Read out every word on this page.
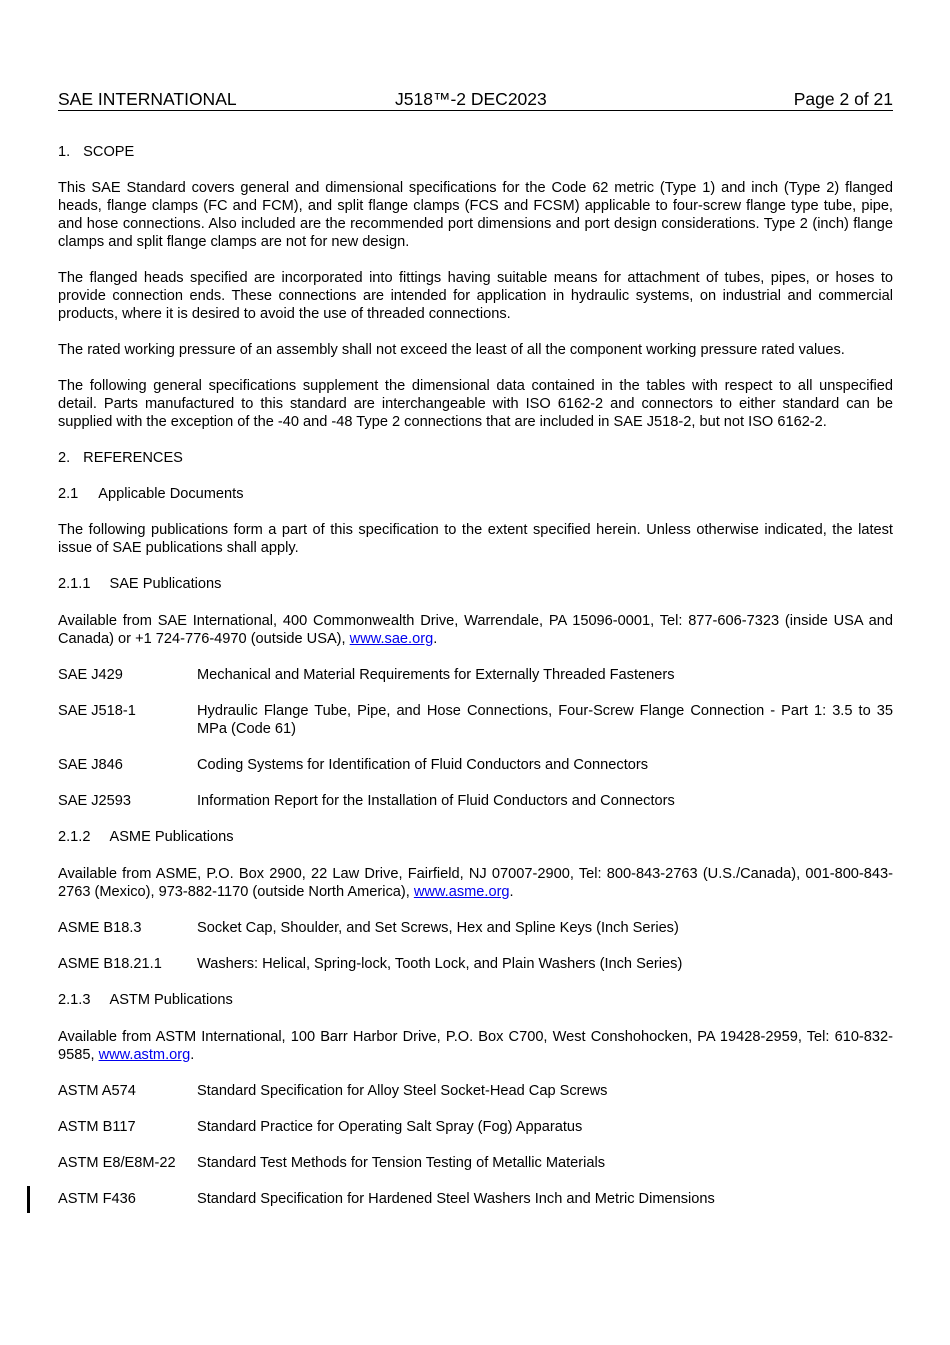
SAE INTERNATIONAL	J518™-2 DEC2023	Page 2 of 21
1. SCOPE
This SAE Standard covers general and dimensional specifications for the Code 62 metric (Type 1) and inch (Type 2) flanged heads, flange clamps (FC and FCM), and split flange clamps (FCS and FCSM) applicable to four-screw flange type tube, pipe, and hose connections. Also included are the recommended port dimensions and port design considerations. Type 2 (inch) flange clamps and split flange clamps are not for new design.
The flanged heads specified are incorporated into fittings having suitable means for attachment of tubes, pipes, or hoses to provide connection ends. These connections are intended for application in hydraulic systems, on industrial and commercial products, where it is desired to avoid the use of threaded connections.
The rated working pressure of an assembly shall not exceed the least of all the component working pressure rated values.
The following general specifications supplement the dimensional data contained in the tables with respect to all unspecified detail. Parts manufactured to this standard are interchangeable with ISO 6162-2 and connectors to either standard can be supplied with the exception of the -40 and -48 Type 2 connections that are included in SAE J518-2, but not ISO 6162-2.
2. REFERENCES
2.1 Applicable Documents
The following publications form a part of this specification to the extent specified herein. Unless otherwise indicated, the latest issue of SAE publications shall apply.
2.1.1 SAE Publications
Available from SAE International, 400 Commonwealth Drive, Warrendale, PA 15096-0001, Tel: 877-606-7323 (inside USA and Canada) or +1 724-776-4970 (outside USA), www.sae.org.
SAE J429	Mechanical and Material Requirements for Externally Threaded Fasteners
SAE J518-1	Hydraulic Flange Tube, Pipe, and Hose Connections, Four-Screw Flange Connection - Part 1: 3.5 to 35 MPa (Code 61)
SAE J846	Coding Systems for Identification of Fluid Conductors and Connectors
SAE J2593	Information Report for the Installation of Fluid Conductors and Connectors
2.1.2 ASME Publications
Available from ASME, P.O. Box 2900, 22 Law Drive, Fairfield, NJ 07007-2900, Tel: 800-843-2763 (U.S./Canada), 001-800-843-2763 (Mexico), 973-882-1170 (outside North America), www.asme.org.
ASME B18.3	Socket Cap, Shoulder, and Set Screws, Hex and Spline Keys (Inch Series)
ASME B18.21.1 Washers: Helical, Spring-lock, Tooth Lock, and Plain Washers (Inch Series)
2.1.3 ASTM Publications
Available from ASTM International, 100 Barr Harbor Drive, P.O. Box C700, West Conshohocken, PA 19428-2959, Tel: 610-832-9585, www.astm.org.
ASTM A574	Standard Specification for Alloy Steel Socket-Head Cap Screws
ASTM B117	Standard Practice for Operating Salt Spray (Fog) Apparatus
ASTM E8/E8M-22 Standard Test Methods for Tension Testing of Metallic Materials
ASTM F436	Standard Specification for Hardened Steel Washers Inch and Metric Dimensions
